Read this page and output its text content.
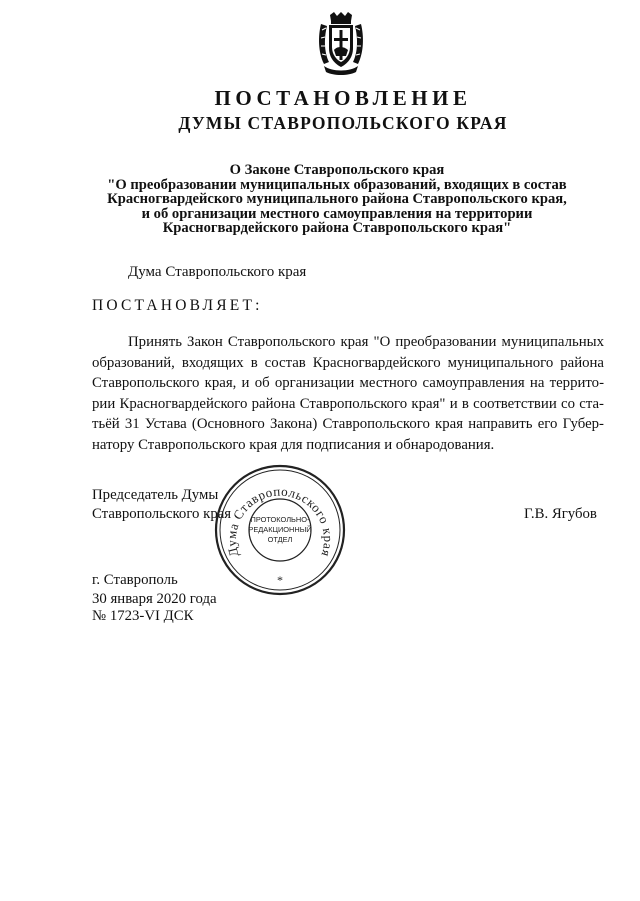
ПОСТАНОВЛЕНИЕ
ДУМЫ СТАВРОПОЛЬСКОГО КРАЯ
О Законе Ставропольского края
"О преобразовании муниципальных образований, входящих в состав
Красногвардейского муниципального района Ставропольского края,
и об организации местного самоуправления на территории
Красногвардейского района Ставропольского края"
Дума Ставропольского края
ПОСТАНОВЛЯЕТ:
Принять Закон Ставропольского края "О преобразовании муниципальных
образований, входящих в состав Красногвардейского муниципального района
Ставропольского края, и об организации местного самоуправления на террито-
рии Красногвардейского района Ставропольского края" и в соответствии со ста-
тьёй 31 Устава (Основного Закона) Ставропольского края направить его Губер-
натору Ставропольского края для подписания и обнародования.
Председатель Думы
Ставропольского края	Г.В. Ягубов
Дума Ставропольского края
ПРОТОКОЛЬНО-
РЕДАКЦИОННЫЙ
ОТДЕЛ
*
г. Ставрополь
30 января 2020 года
№ 1723-VI ДСК
